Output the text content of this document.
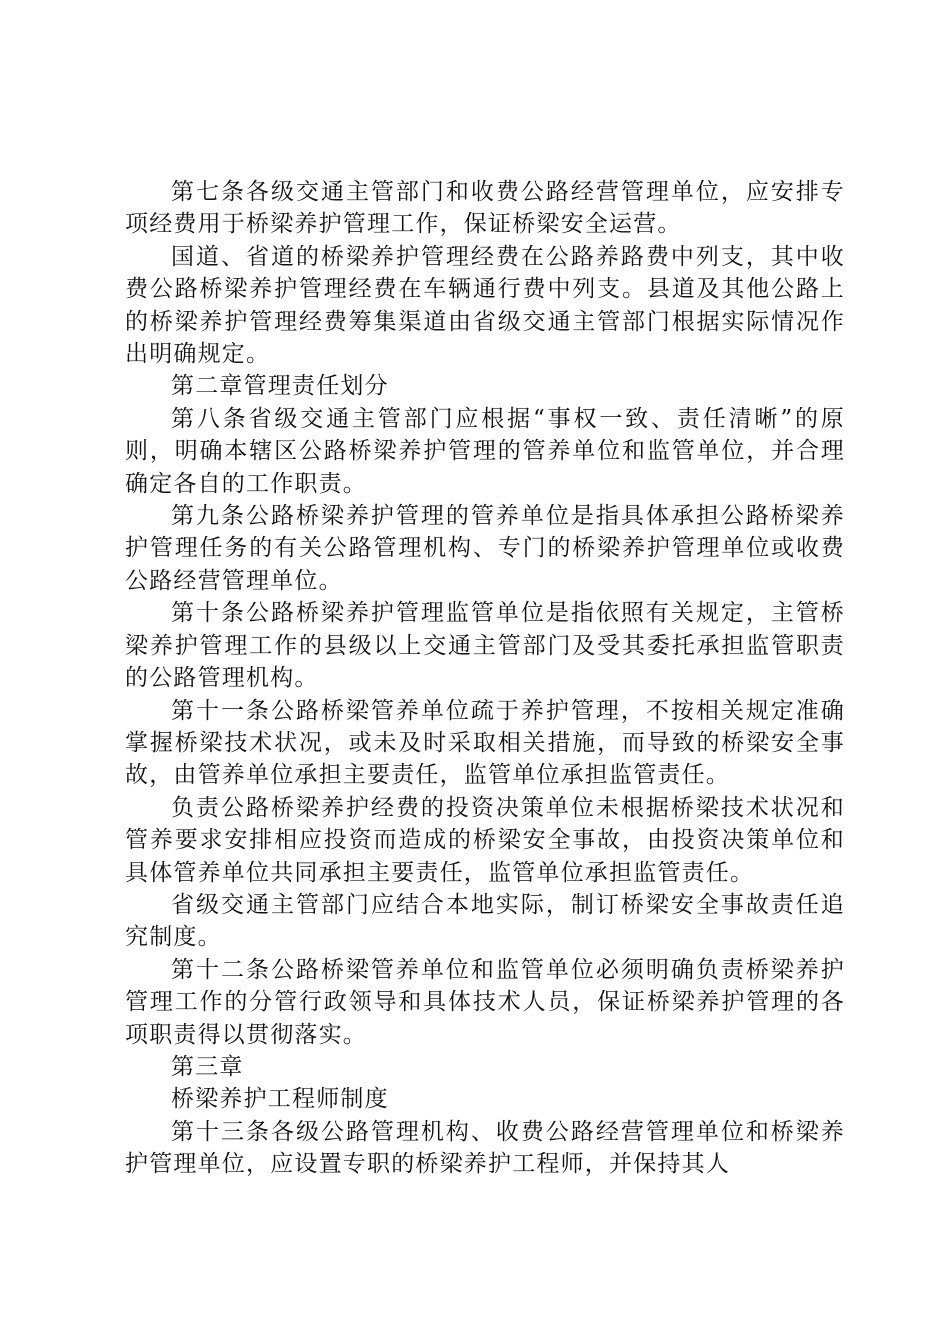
第七条各级交通主管部门和收费公路经营管理单位，应安排专项经费用于桥梁养护管理工作，保证桥梁安全运营。

国道、省道的桥梁养护管理经费在公路养路费中列支，其中收费公路桥梁养护管理经费在车辆通行费中列支。县道及其他公路上的桥梁养护管理经费筹集渠道由省级交通主管部门根据实际情况作出明确规定。

第二章管理责任划分

第八条省级交通主管部门应根据“事权一致、责任清晰”的原则，明确本辖区公路桥梁养护管理的管养单位和监管单位，并合理确定各自的工作职责。

第九条公路桥梁养护管理的管养单位是指具体承担公路桥梁养护管理任务的有关公路管理机构、专门的桥梁养护管理单位或收费公路经营管理单位。

第十条公路桥梁养护管理监管单位是指依照有关规定，主管桥梁养护管理工作的县级以上交通主管部门及受其委托承担监管职责的公路管理机构。

第十一条公路桥梁管养单位疏于养护管理，不按相关规定准确掌握桥梁技术状况，或未及时采取相关措施，而导致的桥梁安全事故，由管养单位承担主要责任，监管单位承担监管责任。

负责公路桥梁养护经费的投资决策单位未根据桥梁技术状况和管养要求安排相应投资而造成的桥梁安全事故，由投资决策单位和具体管养单位共同承担主要责任，监管单位承担监管责任。

省级交通主管部门应结合本地实际，制订桥梁安全事故责任追究制度。

第十二条公路桥梁管养单位和监管单位必须明确负责桥梁养护管理工作的分管行政领导和具体技术人员，保证桥梁养护管理的各项职责得以贯彻落实。

第三章

桥梁养护工程师制度

第十三条各级公路管理机构、收费公路经营管理单位和桥梁养护管理单位，应设置专职的桥梁养护工程师，并保持其人
